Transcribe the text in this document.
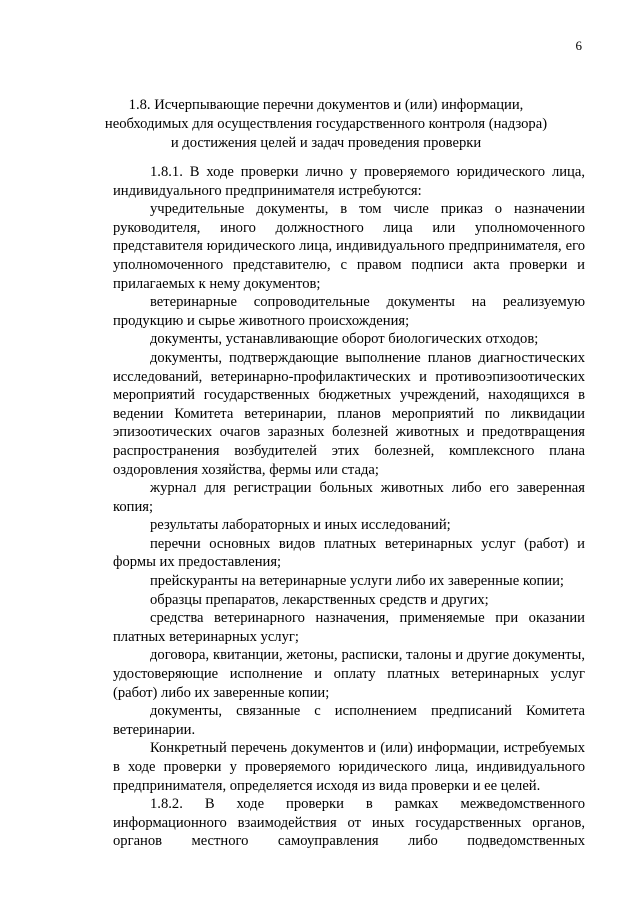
6
1.8. Исчерпывающие перечни документов и (или) информации,
необходимых для осуществления государственного контроля (надзора)
и достижения целей и задач проведения проверки

1.8.1. В ходе проверки лично у проверяемого юридического лица, индивидуального предпринимателя истребуются:

учредительные документы, в том числе приказ о назначении руководителя, иного должностного лица или уполномоченного представителя юридического лица, индивидуального предпринимателя, его уполномоченного представителю, с правом подписи акта проверки и прилагаемых к нему документов;

ветеринарные сопроводительные документы на реализуемую продукцию и сырье животного происхождения;

документы, устанавливающие оборот биологических отходов;

документы, подтверждающие выполнение планов диагностических исследований, ветеринарно-профилактических и противоэпизоотических мероприятий государственных бюджетных учреждений, находящихся в ведении Комитета ветеринарии, планов мероприятий по ликвидации эпизоотических очагов заразных болезней животных и предотвращения распространения возбудителей этих болезней, комплексного плана оздоровления хозяйства, фермы или стада;

журнал для регистрации больных животных либо его заверенная копия;

результаты лабораторных и иных исследований;

перечни основных видов платных ветеринарных услуг (работ) и формы их предоставления;

прейскуранты на ветеринарные услуги либо их заверенные копии;

образцы препаратов, лекарственных средств и других;

средства ветеринарного назначения, применяемые при оказании платных ветеринарных услуг;

договора, квитанции, жетоны, расписки, талоны и другие документы, удостоверяющие исполнение и оплату платных ветеринарных услуг (работ) либо их заверенные копии;

документы, связанные с исполнением предписаний Комитета ветеринарии.

Конкретный перечень документов и (или) информации, истребуемых в ходе проверки у проверяемого юридического лица, индивидуального предпринимателя, определяется исходя из вида проверки и ее целей.

1.8.2. В ходе проверки в рамках межведомственного информационного взаимодействия от иных государственных органов, органов местного самоуправления либо подведомственных
